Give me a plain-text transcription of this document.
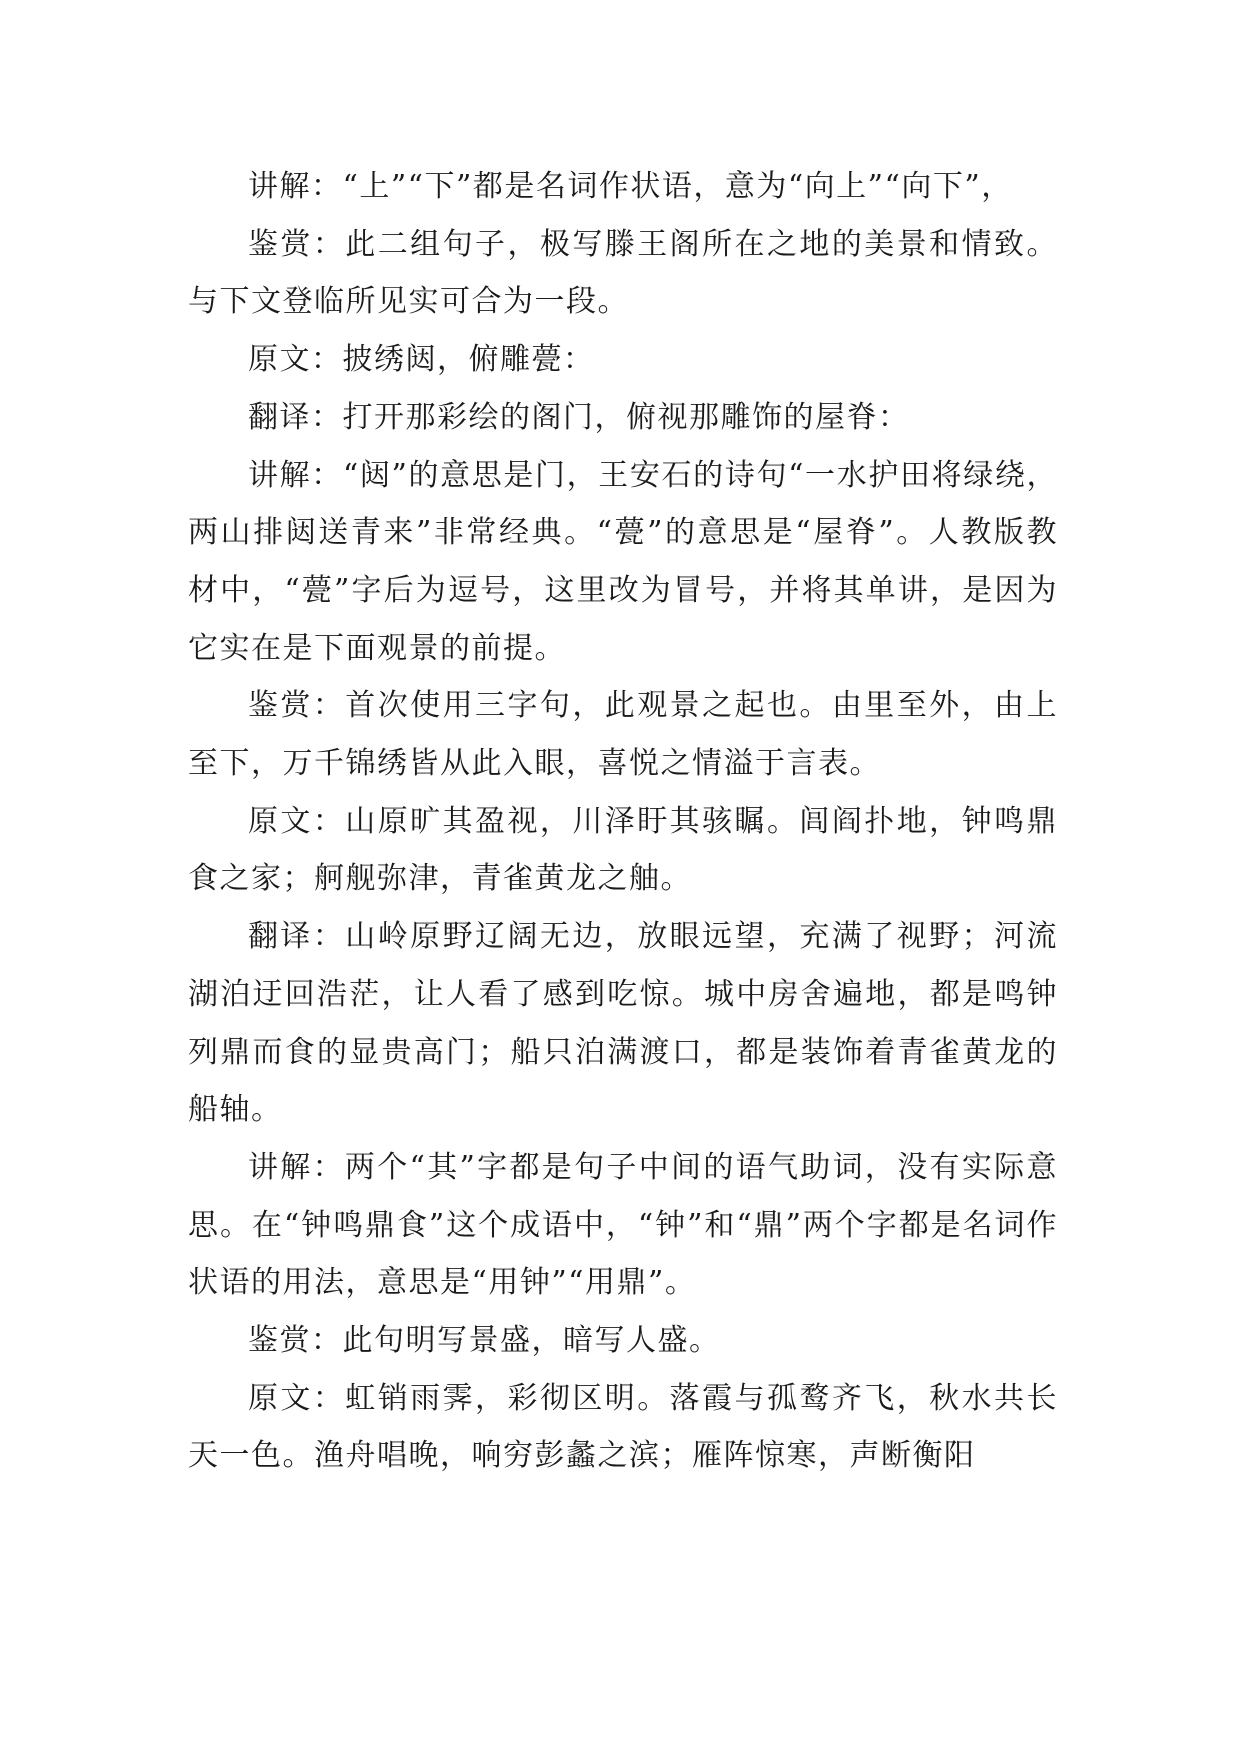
讲解：“上”“下”都是名词作状语，意为“向上”“向下”，

鉴赏：此二组句子，极写滕王阁所在之地的美景和情致。与下文登临所见实可合为一段。

原文：披绣闼，俯雕甍：

翻译：打开那彩绘的阁门，俯视那雕饰的屋脊：

讲解：“闼”的意思是门，王安石的诗句“一水护田将绿绕，两山排闼送青来”非常经典。“甍”的意思是“屋脊”。人教版教材中，“甍”字后为逗号，这里改为冒号，并将其单讲，是因为它实在是下面观景的前提。

鉴赏：首次使用三字句，此观景之起也。由里至外，由上至下，万千锦绣皆从此入眼，喜悦之情溢于言表。

原文：山原旷其盈视，川泽盱其骇瞩。闾阎扑地，钟鸣鼎食之家；舸舰弥津，青雀黄龙之舳。

翻译：山岭原野辽阔无边，放眼远望，充满了视野；河流湖泊迂回浩茫，让人看了感到吃惊。城中房舍遍地，都是鸣钟列鼎而食的显贵高门；船只泊满渡口，都是装饰着青雀黄龙的船轴。

讲解：两个“其”字都是句子中间的语气助词，没有实际意思。在“钟鸣鼎食”这个成语中，“钟”和“鼎”两个字都是名词作状语的用法，意思是“用钟”“用鼎”。

鉴赏：此句明写景盛，暗写人盛。

原文：虹销雨霁，彩彻区明。落霞与孤鹜齐飞，秋水共长天一色。渔舟唱晚，响穷彭蠡之滨；雁阵惊寒，声断衡阳
